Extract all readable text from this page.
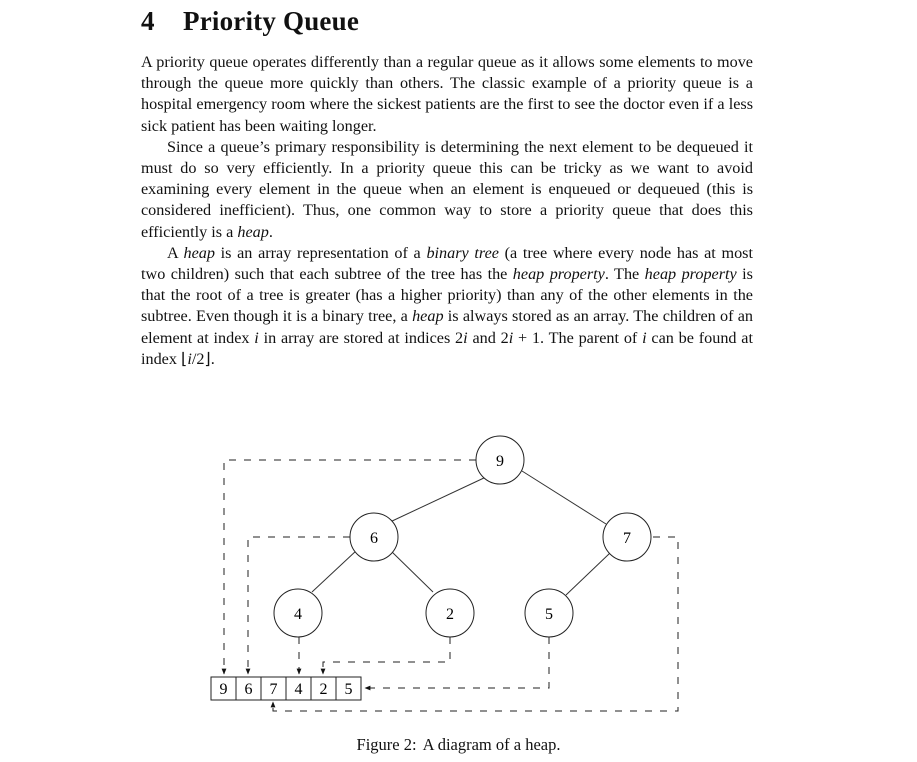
4 Priority Queue

A priority queue operates differently than a regular queue as it allows some elements to move through the queue more quickly than others. The classic example of a priority queue is a hospital emergency room where the sickest patients are the first to see the doctor even if a less sick patient has been waiting longer.

Since a queue’s primary responsibility is determining the next element to be dequeued it must do so very efficiently. In a priority queue this can be tricky as we want to avoid examining every element in the queue when an element is enqueued or dequeued (this is considered inefficient). Thus, one common way to store a priority queue that does this efficiently is a heap.

A heap is an array representation of a binary tree (a tree where every node has at most two children) such that each subtree of the tree has the heap property. The heap property is that the root of a tree is greater (has a higher priority) than any of the other elements in the subtree. Even though it is a binary tree, a heap is always stored as an array. The children of an element at index i in array are stored at indices 2i and 2i + 1. The parent of i can be found at index ⌊i/2⌋.

9
6	7
4	2	5
9 6 7 4 2 5

Figure 2: A diagram of a heap.
